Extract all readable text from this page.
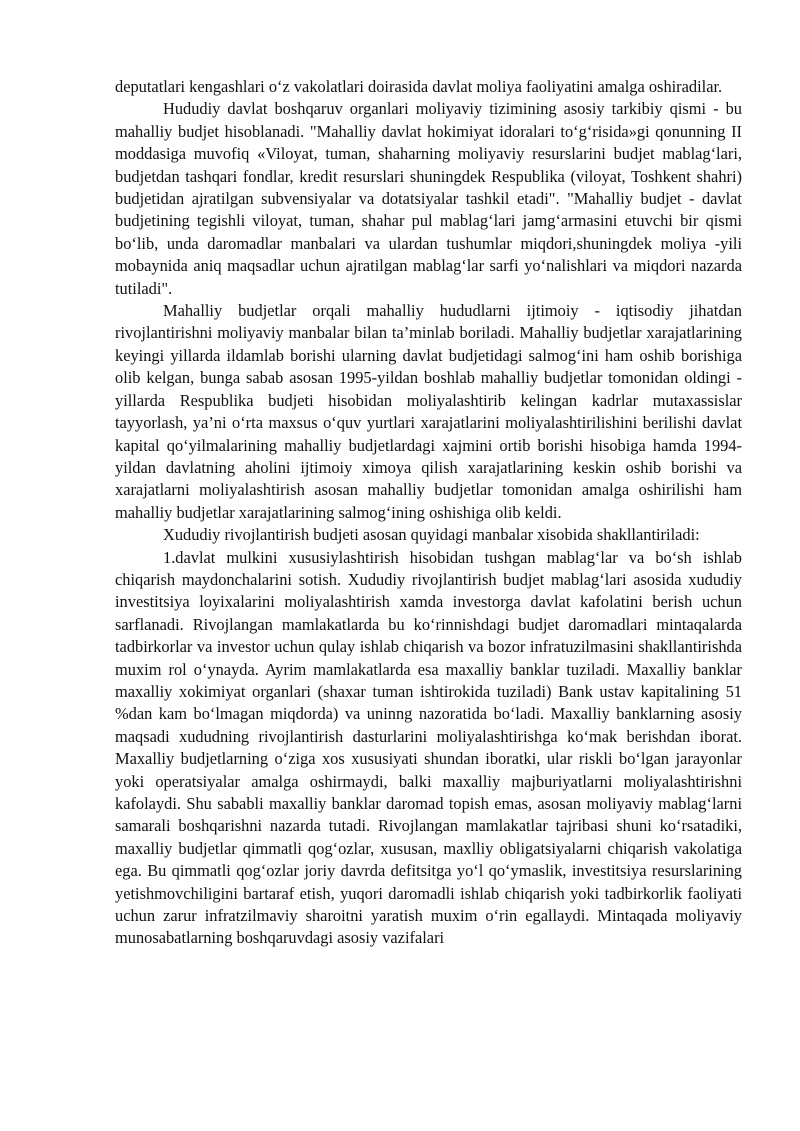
deputatlari kengashlari o‘z vakolatlari doirasida davlat moliya faoliyatini amalga oshiradilar.

Hududiy davlat boshqaruv organlari moliyaviy tizimining asosiy tarkibiy qismi - bu mahalliy budjet hisoblanadi. "Mahalliy davlat hokimiyat idoralari to‘g‘risida»gi qonunning II moddasiga muvofiq «Viloyat, tuman, shaharning moliyaviy resurslarini budjet mablag‘lari, budjetdan tashqari fondlar, kredit resurslari shuningdek Respublika (viloyat, Toshkent shahri) budjetidan ajratilgan subvensiyalar va dotatsiyalar tashkil etadi". "Mahalliy budjet - davlat budjetining tegishli viloyat, tuman, shahar pul mablag‘lari jamg‘armasini etuvchi bir qismi bo‘lib, unda daromadlar manbalari va ulardan tushumlar miqdori,shuningdek moliya -yili mobaynida aniq maqsadlar uchun ajratilgan mablag‘lar sarfi yo‘nalishlari va miqdori nazarda tutiladi".

Mahalliy budjetlar orqali mahalliy hududlarni ijtimoiy - iqtisodiy jihatdan rivojlantirishni moliyaviy manbalar bilan ta’minlab boriladi. Mahalliy budjetlar xarajatlarining keyingi yillarda ildamlab borishi ularning davlat budjetidagi salmog‘ini ham oshib borishiga olib kelgan, bunga sabab asosan 1995-yildan boshlab mahalliy budjetlar tomonidan oldingi -yillarda Respublika budjeti hisobidan moliyalashtirib kelingan kadrlar mutaxassislar tayyorlash, ya’ni o‘rta maxsus o‘quv yurtlari xarajatlarini moliyalashtirilishini berilishi davlat kapital qo‘yilmalarining mahalliy budjetlardagi xajmini ortib borishi hisobiga hamda 1994-yildan davlatning aholini ijtimoiy ximoya qilish xarajatlarining keskin oshib borishi va xarajatlarni moliyalashtirish asosan mahalliy budjetlar tomonidan amalga oshirilishi ham mahalliy budjetlar xarajatlarining salmog‘ining oshishiga olib keldi.

Xududiy rivojlantirish budjeti asosan quyidagi manbalar xisobida shakllantiriladi:

1.davlat mulkini xususiylashtirish hisobidan tushgan mablag‘lar va bo‘sh ishlab chiqarish maydonchalarini sotish. Xududiy rivojlantirish budjet mablag‘lari asosida xududiy investitsiya loyixalarini moliyalashtirish xamda investorga davlat kafolatini berish uchun sarflanadi. Rivojlangan mamlakatlarda bu ko‘rinnishdagi budjet daromadlari mintaqalarda tadbirkorlar va investor uchun qulay ishlab chiqarish va bozor infratuzilmasini shakllantirishda muxim rol o‘ynayda. Ayrim mamlakatlarda esa maxalliy banklar tuziladi. Maxalliy banklar maxalliy xokimiyat organlari (shaxar tuman ishtirokida tuziladi) Bank ustav kapitalining 51 %dan kam bo‘lmagan miqdorda) va uninng nazoratida bo‘ladi. Maxalliy banklarning asosiy maqsadi xududning rivojlantirish dasturlarini moliyalashtirishga ko‘mak berishdan iborat. Maxalliy budjetlarning o‘ziga xos xususiyati shundan iboratki, ular riskli bo‘lgan jarayonlar yoki operatsiyalar amalga oshirmaydi, balki maxalliy majburiyatlarni moliyalashtirishni kafolaydi. Shu sababli maxalliy banklar daromad topish emas, asosan moliyaviy mablag‘larni samarali boshqarishni nazarda tutadi. Rivojlangan mamlakatlar tajribasi shuni ko‘rsatadiki, maxalliy budjetlar qimmatli qog‘ozlar, xususan, maxlliy obligatsiyalarni chiqarish vakolatiga ega. Bu qimmatli qog‘ozlar joriy davrda defitsitga yo‘l qo‘ymaslik, investitsiya resurslarining yetishmovchiligini bartaraf etish, yuqori daromadli ishlab chiqarish yoki tadbirkorlik faoliyati uchun zarur infratzilmaviy sharoitni yaratish muxim o‘rin egallaydi. Mintaqada moliyaviy munosabatlarning boshqaruvdagi asosiy vazifalari
